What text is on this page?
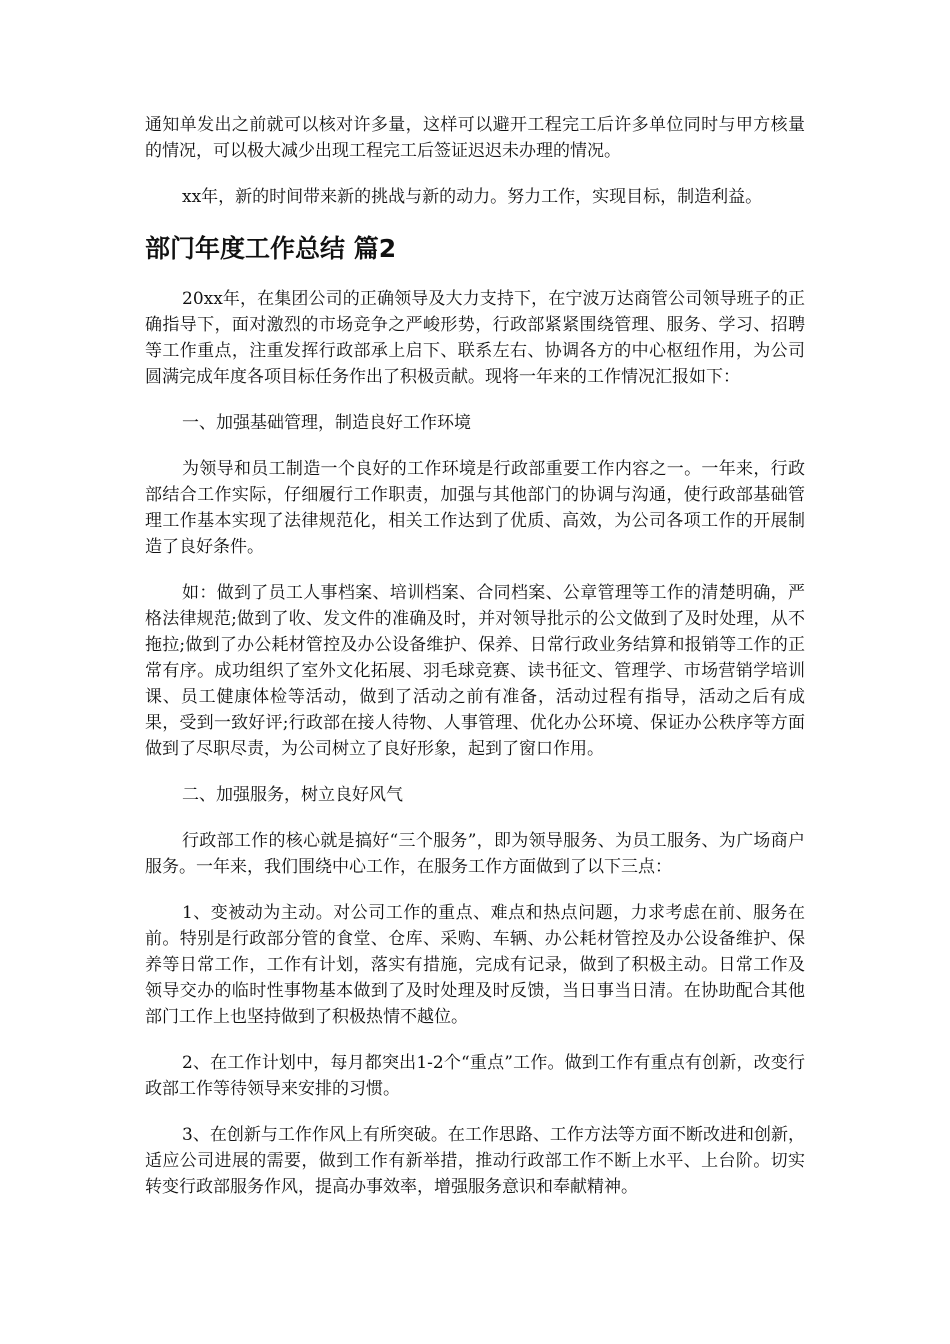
通知单发出之前就可以核对许多量，这样可以避开工程完工后许多单位同时与甲方核量的情况，可以极大减少出现工程完工后签证迟迟未办理的情况。

xx年，新的时间带来新的挑战与新的动力。努力工作，实现目标，制造利益。

部门年度工作总结 篇2

20xx年，在集团公司的正确领导及大力支持下，在宁波万达商管公司领导班子的正确指导下，面对激烈的市场竞争之严峻形势，行政部紧紧围绕管理、服务、学习、招聘等工作重点，注重发挥行政部承上启下、联系左右、协调各方的中心枢纽作用，为公司圆满完成年度各项目标任务作出了积极贡献。现将一年来的工作情况汇报如下：

一、加强基础管理，制造良好工作环境

为领导和员工制造一个良好的工作环境是行政部重要工作内容之一。一年来，行政部结合工作实际，仔细履行工作职责，加强与其他部门的协调与沟通，使行政部基础管理工作基本实现了法律规范化，相关工作达到了优质、高效，为公司各项工作的开展制造了良好条件。

如：做到了员工人事档案、培训档案、合同档案、公章管理等工作的清楚明确，严格法律规范;做到了收、发文件的准确及时，并对领导批示的公文做到了及时处理，从不拖拉;做到了办公耗材管控及办公设备维护、保养、日常行政业务结算和报销等工作的正常有序。成功组织了室外文化拓展、羽毛球竞赛、读书征文、管理学、市场营销学培训课、员工健康体检等活动，做到了活动之前有准备，活动过程有指导，活动之后有成果，受到一致好评;行政部在接人待物、人事管理、优化办公环境、保证办公秩序等方面做到了尽职尽责，为公司树立了良好形象，起到了窗口作用。

二、加强服务，树立良好风气

行政部工作的核心就是搞好“三个服务”，即为领导服务、为员工服务、为广场商户服务。一年来，我们围绕中心工作，在服务工作方面做到了以下三点：

1、变被动为主动。对公司工作的重点、难点和热点问题，力求考虑在前、服务在前。特别是行政部分管的食堂、仓库、采购、车辆、办公耗材管控及办公设备维护、保养等日常工作，工作有计划，落实有措施，完成有记录，做到了积极主动。日常工作及领导交办的临时性事物基本做到了及时处理及时反馈，当日事当日清。在协助配合其他部门工作上也坚持做到了积极热情不越位。

2、在工作计划中，每月都突出1-2个“重点”工作。做到工作有重点有创新，改变行政部工作等待领导来安排的习惯。

3、在创新与工作作风上有所突破。在工作思路、工作方法等方面不断改进和创新，适应公司进展的需要，做到工作有新举措，推动行政部工作不断上水平、上台阶。切实转变行政部服务作风，提高办事效率，增强服务意识和奉献精神。
